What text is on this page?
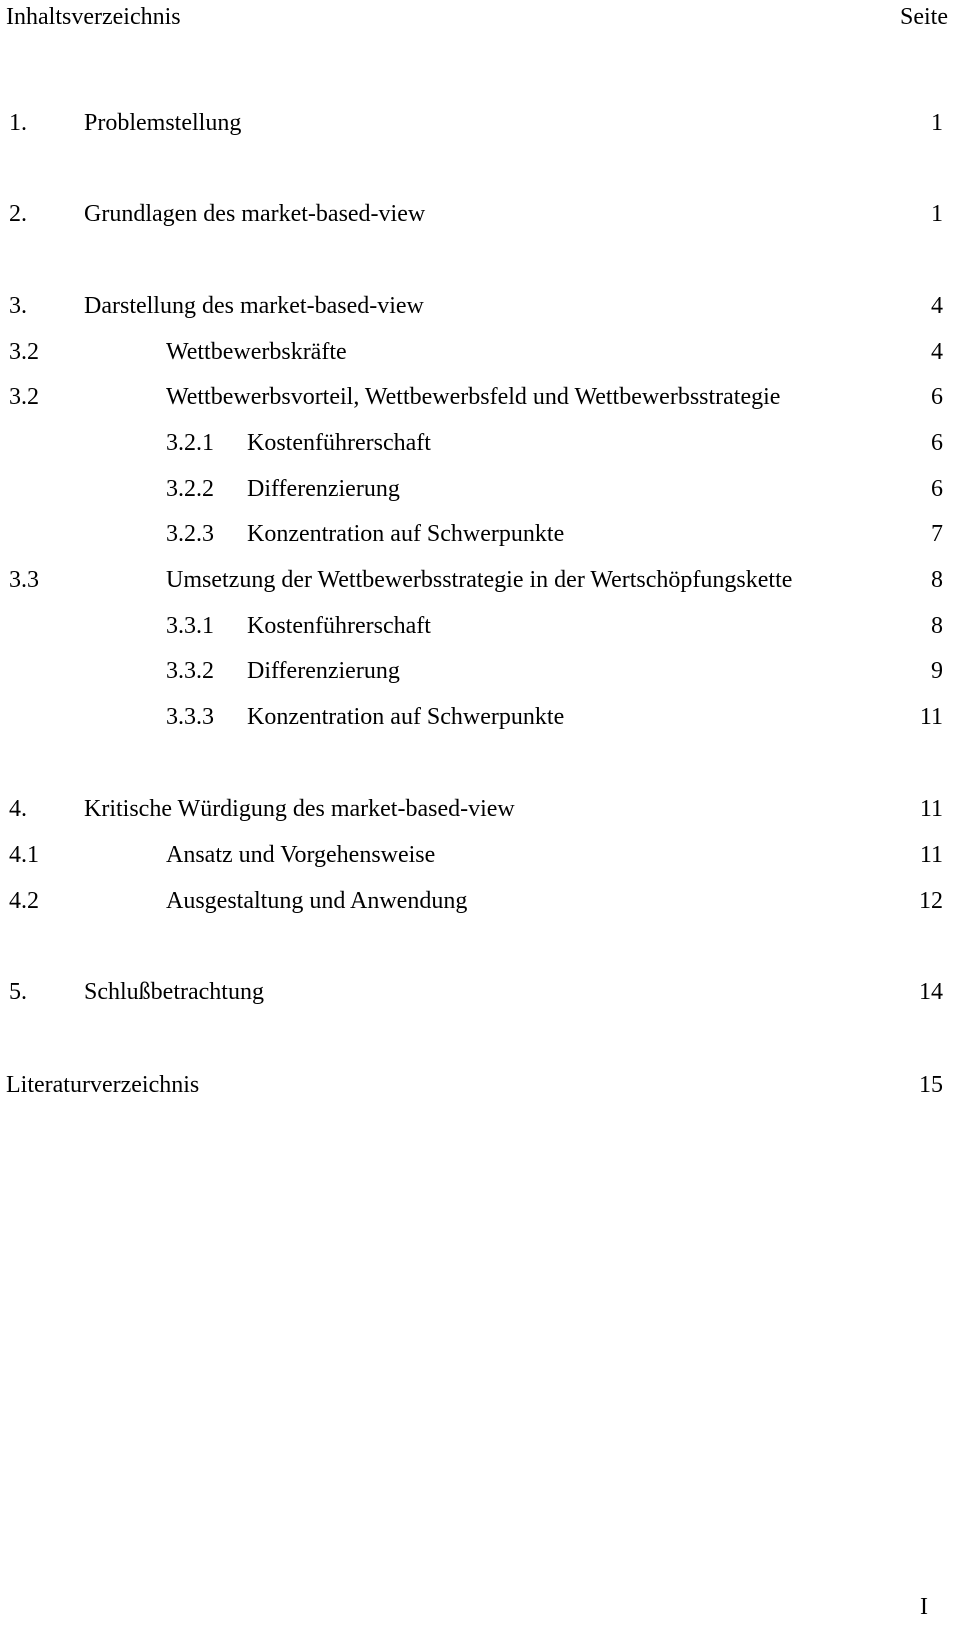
Inhaltsverzeichnis	Seite
1. Problemstellung	1
2. Grundlagen des market-based-view	1
3. Darstellung des market-based-view	4
3.2	Wettbewerbskräfte	4
3.2	Wettbewerbsvorteil, Wettbewerbsfeld und Wettbewerbsstrategie	6
3.2.1 Kostenführerschaft	6
3.2.2 Differenzierung	6
3.2.3 Konzentration auf Schwerpunkte	7
3.3	Umsetzung der Wettbewerbsstrategie in der Wertschöpfungskette	8
3.3.1 Kostenführerschaft	8
3.3.2 Differenzierung	9
3.3.3 Konzentration auf Schwerpunkte	11
4. Kritische Würdigung des market-based-view	11
4.1	Ansatz und Vorgehensweise	11
4.2	Ausgestaltung und Anwendung	12
5. Schlußbetrachtung	14
Literaturverzeichnis	15
I
